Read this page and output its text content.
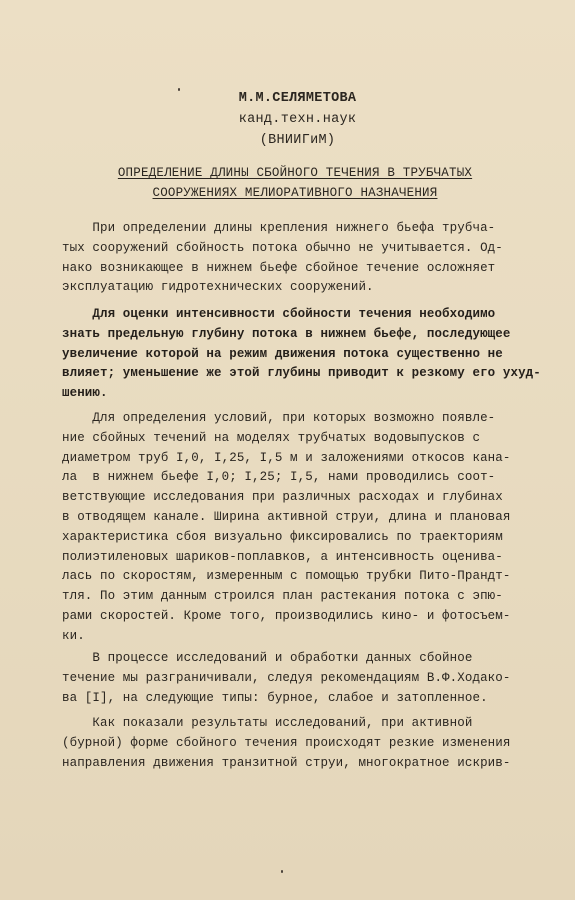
М.М.СЕЛЯМЕТОВА
канд.техн.наук
(ВНИИГиМ)
ОПРЕДЕЛЕНИЕ ДЛИНЫ СБОЙНОГО ТЕЧЕНИЯ В ТРУБЧАТЫХ
СООРУЖЕНИЯХ МЕЛИОРАТИВНОГО НАЗНАЧЕНИЯ
При определении длины крепления нижнего бьефа трубча-
тых сооружений сбойность потока обычно не учитывается. Од-
нако возникающее в нижнем бьефе сбойное течение осложняет
эксплуатацию гидротехнических сооружений.
Для оценки интенсивности сбойности течения необходимо
знать предельную глубину потока в нижнем бьефе, последующее
увеличение которой на режим движения потока существенно не
влияет; уменьшение же этой глубины приводит к резкому его ухуд-
шению.
Для определения условий, при которых возможно появле-
ние сбойных течений на моделях трубчатых водовыпусков с
диаметром труб I,0, I,25, I,5 м и заложениями откосов кана-
ла  в нижнем бьефе I,0; I,25; I,5, нами проводились соот-
ветствующие исследования при различных расходах и глубинах
в отводящем канале. Ширина активной струи, длина и плановая
характеристика сбоя визуально фиксировались по траекториям
полиэтиленовых шариков-поплавков, а интенсивность оценива-
лась по скоростям, измеренным с помощью трубки Пито-Прандт-
тля. По этим данным строился план растекания потока с эпю-
рами скоростей. Кроме того, производились кино- и фотосъем-
ки.
В процессе исследований и обработки данных сбойное
течение мы разграничивали, следуя рекомендациям В.Ф.Ходако-
ва [I], на следующие типы: бурное, слабое и затопленное.
Как показали результаты исследований, при активной
(бурной) форме сбойного течения происходят резкие изменения
направления движения транзитной струи, многократное искрив-
